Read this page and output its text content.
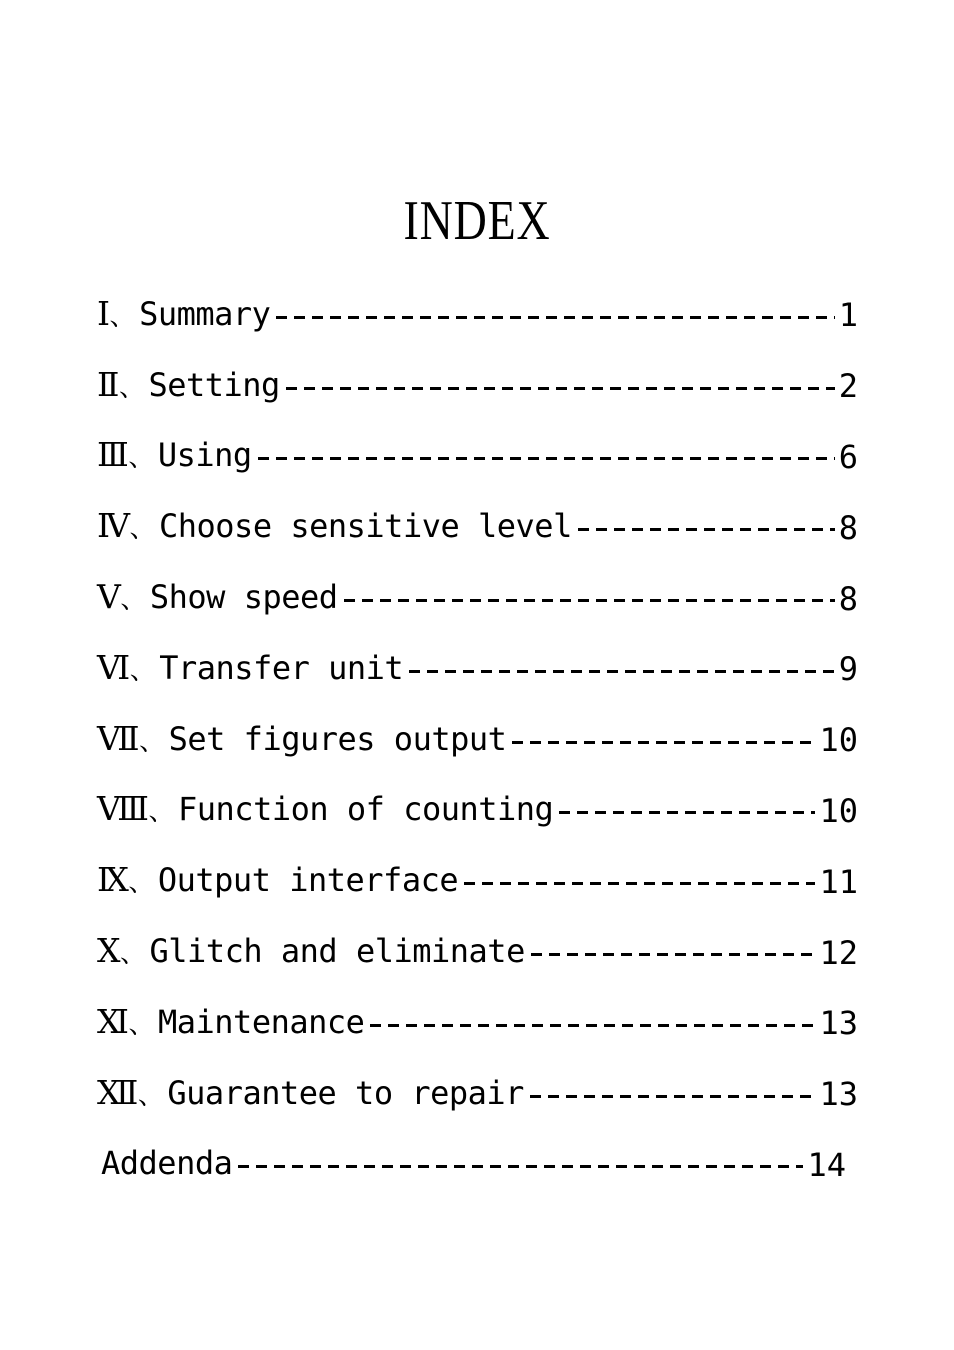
INDEX
Ⅰ、 Summary	1
Ⅱ、 Setting	2
Ⅲ、 Using	6
Ⅳ、 Choose sensitive level	8
Ⅴ、 Show speed	8
Ⅵ、 Transfer unit	9
Ⅶ、 Set figures output	10
Ⅷ、 Function of counting	10
Ⅸ、 Output interface	11
Ⅹ、 Glitch and eliminate	12
Ⅺ、 Maintenance	13
Ⅻ、 Guarantee to repair	13
Addenda	14
